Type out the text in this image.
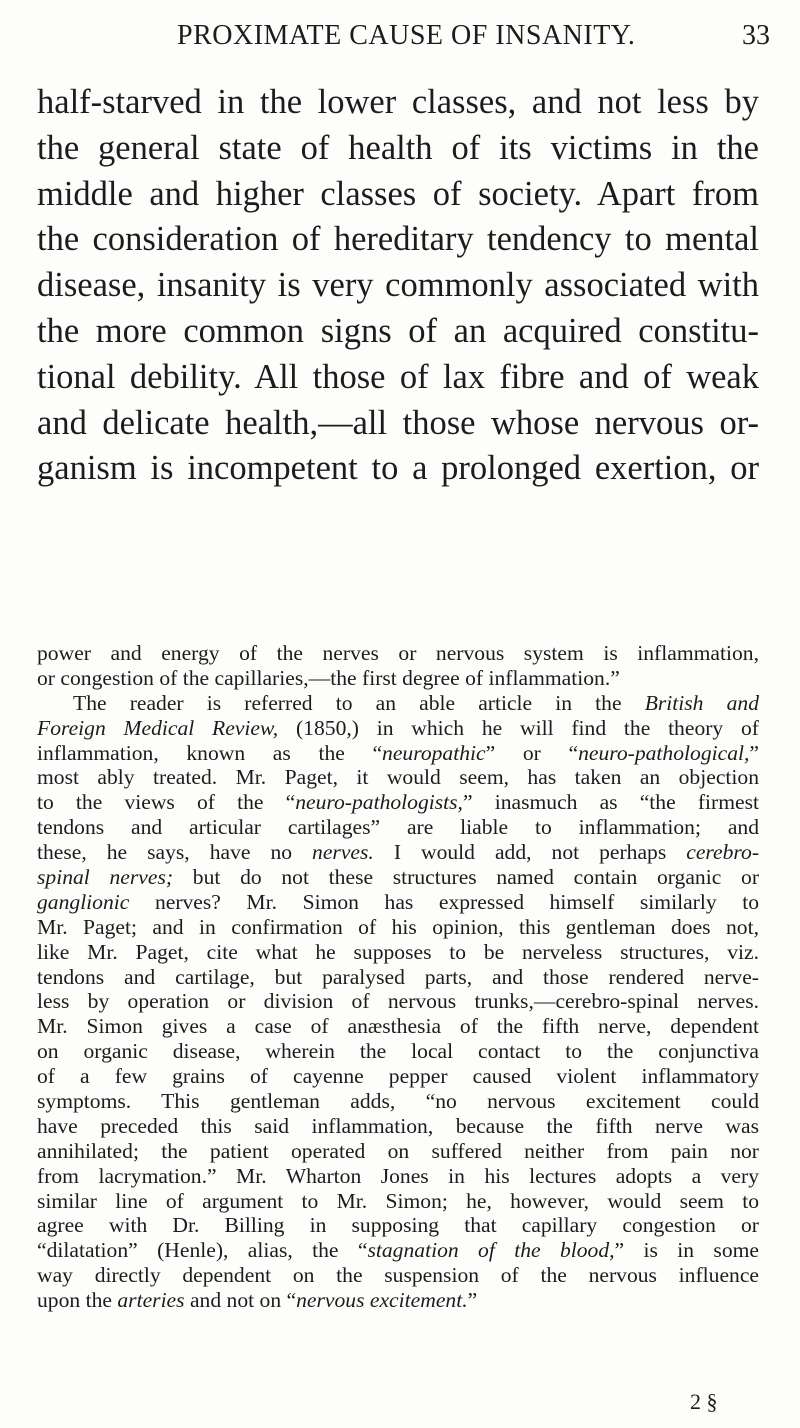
PROXIMATE CAUSE OF INSANITY.	33
half-starved in the lower classes, and not less by
the general state of health of its victims in the
middle and higher classes of society. Apart from
the consideration of hereditary tendency to mental
disease, insanity is very commonly associated with
the more common signs of an acquired constitu-
tional debility. All those of lax fibre and of weak
and delicate health,—all those whose nervous or-
ganism is incompetent to a prolonged exertion, or
power and energy of the nerves or nervous system is inflammation,
or congestion of the capillaries,—the first degree of inflammation.”
The reader is referred to an able article in the British and
Foreign Medical Review, (1850,) in which he will find the theory of
inflammation, known as the “neuropathic” or “neuro-pathological,”
most ably treated. Mr. Paget, it would seem, has taken an objection
to the views of the “neuro-pathologists,” inasmuch as “the firmest
tendons and articular cartilages” are liable to inflammation; and
these, he says, have no nerves. I would add, not perhaps cerebro-
spinal nerves; but do not these structures named contain organic or
ganglionic nerves? Mr. Simon has expressed himself similarly to
Mr. Paget; and in confirmation of his opinion, this gentleman does not,
like Mr. Paget, cite what he supposes to be nerveless structures, viz.
tendons and cartilage, but paralysed parts, and those rendered nerve-
less by operation or division of nervous trunks,—cerebro-spinal nerves.
Mr. Simon gives a case of anæsthesia of the fifth nerve, dependent
on organic disease, wherein the local contact to the conjunctiva
of a few grains of cayenne pepper caused violent inflammatory
symptoms. This gentleman adds, “no nervous excitement could
have preceded this said inflammation, because the fifth nerve was
annihilated; the patient operated on suffered neither from pain nor
from lacrymation.” Mr. Wharton Jones in his lectures adopts a very
similar line of argument to Mr. Simon; he, however, would seem to
agree with Dr. Billing in supposing that capillary congestion or
“dilatation” (Henle), alias, the “stagnation of the blood,” is in some
way directly dependent on the suspension of the nervous influence
upon the arteries and not on “nervous excitement.”
2 §
